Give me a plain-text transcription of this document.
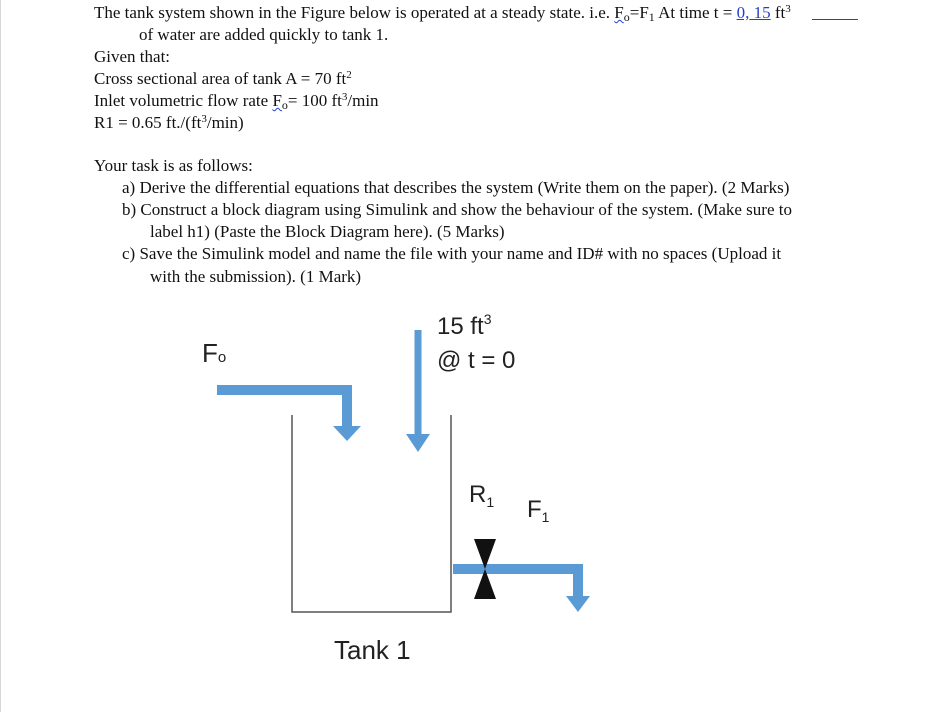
The tank system shown in the Figure below is operated at a steady state. i.e. Fo=F1 At time t = 0, 15 $ft^3$
of water are added quickly to tank 1.
Given that:
Cross sectional area of tank A = 70 $ft^2$
Inlet volumetric flow rate Fo= 100 $ft^3/\min$
R1 = 0.65 $ft./(ft^3/\min)$
Your task is as follows:
a) Derive the differential equations that describes the system (Write them on the paper). (2 Marks)
b) Construct a block diagram using Simulink and show the behaviour of the system. (Make sure to
label h1) (Paste the Block Diagram here). (5 Marks)
c) Save the Simulink model and name the file with your name and ID# with no spaces (Upload it
with the submission). (1 Mark)
Fo
15 $ft^3$
@ t = 0
$R_1$ $F_1$
Tank 1
